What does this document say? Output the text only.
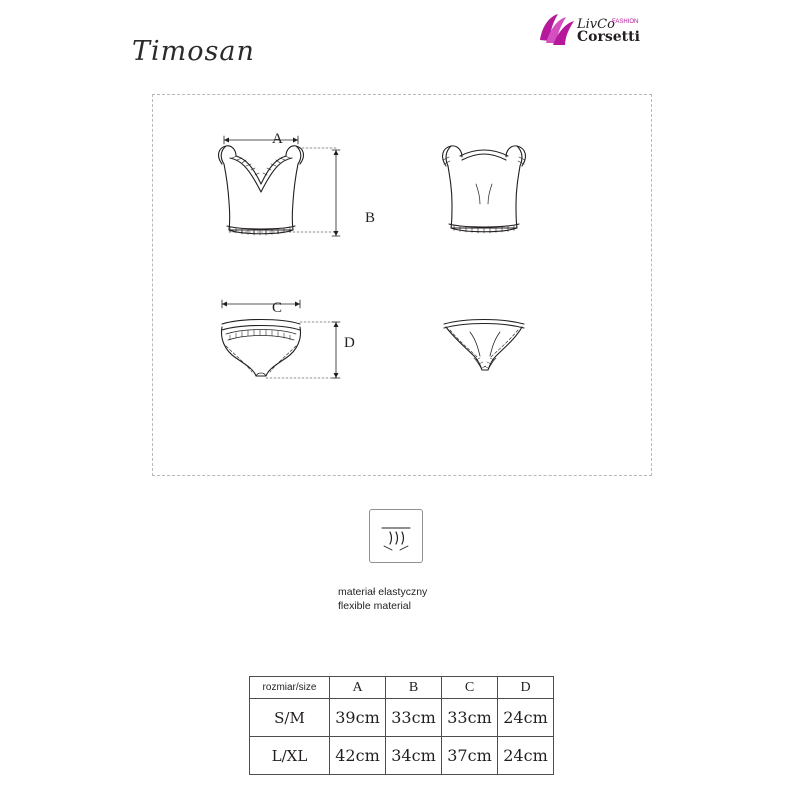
LivCo
FASHION
Corsetti
Timosan
A
B
C
D
materiał elastyczny
flexible material
rozmiar/size	A	B	C	D
S/M	39cm	33cm	33cm	24cm
L/XL	42cm	34cm	37cm	24cm
